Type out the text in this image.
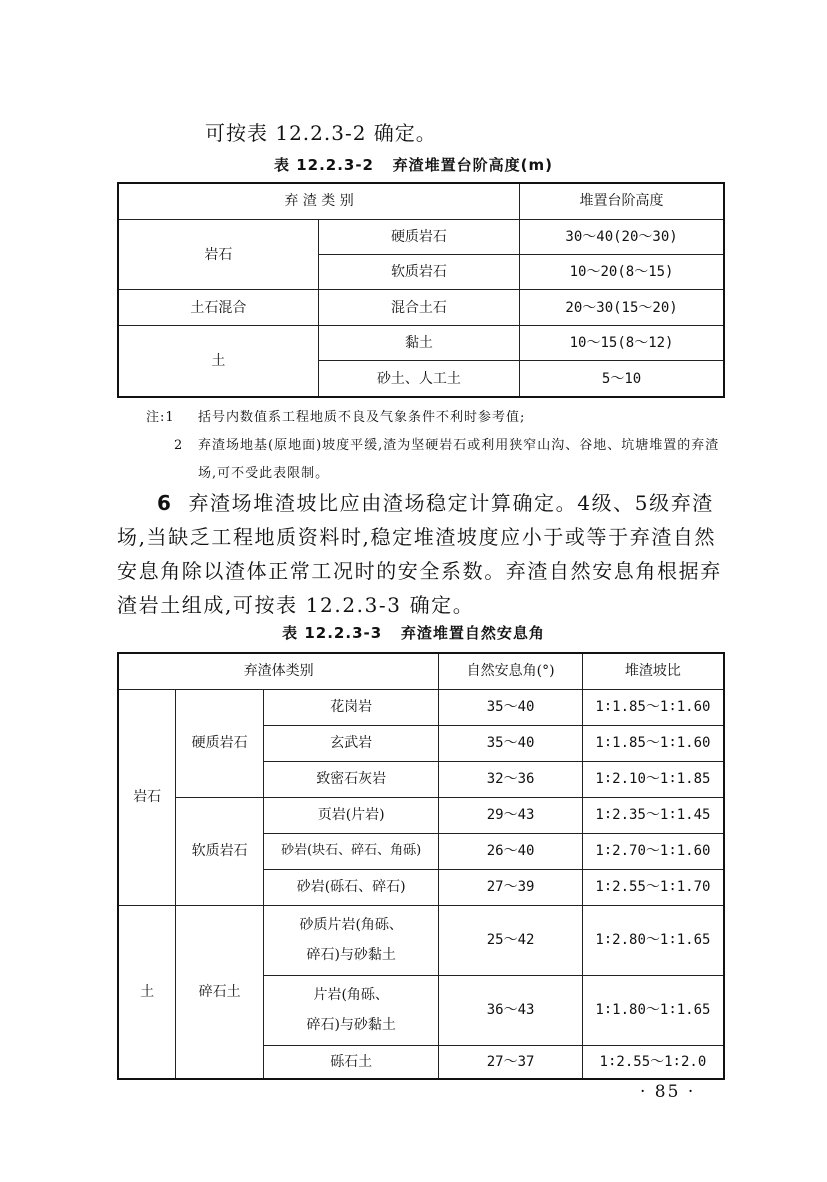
可按表 12.2.3-2 确定。
表 12.2.3-2 弃渣堆置台阶高度(m)
弃 渣 类 别		堆置台阶高度
岩石	硬质岩石	30～40(20～30)
	软质岩石	10～20(8～15)
土石混合	混合土石	20～30(15～20)
土	黏土	10～15(8～12)
	砂土、人工土	5～10
注:1 括号内数值系工程地质不良及气象条件不利时参考值;
2 弃渣场地基(原地面)坡度平缓,渣为坚硬岩石或利用狭窄山沟、谷地、坑塘堆置的弃渣场,可不受此表限制。
6 弃渣场堆渣坡比应由渣场稳定计算确定。4级、5级弃渣场,当缺乏工程地质资料时,稳定堆渣坡度应小于或等于弃渣自然安息角除以渣体正常工况时的安全系数。弃渣自然安息角根据弃渣岩土组成,可按表 12.2.3-3 确定。
表 12.2.3-3 弃渣堆置自然安息角
弃渣体类别			自然安息角(°)	堆渣坡比
岩石	硬质岩石	花岗岩	35～40	1∶1.85～1∶1.60
		玄武岩	35～40	1∶1.85～1∶1.60
		致密石灰岩	32～36	1∶2.10～1∶1.85
	软质岩石	页岩(片岩)	29～43	1∶2.35～1∶1.45
		砂岩(块石、碎石、角砾)	26～40	1∶2.70～1∶1.60
		砂岩(砾石、碎石)	27～39	1∶2.55～1∶1.70
土	碎石土	砂质片岩(角砾、
碎石)与砂黏土	25～42	1∶2.80～1∶1.65

		片岩(角砾、
碎石)与砂黏土	36～43	1∶1.80～1∶1.65
		砾石土	27～37	1∶2.55～1∶2.0
· 85 ·
